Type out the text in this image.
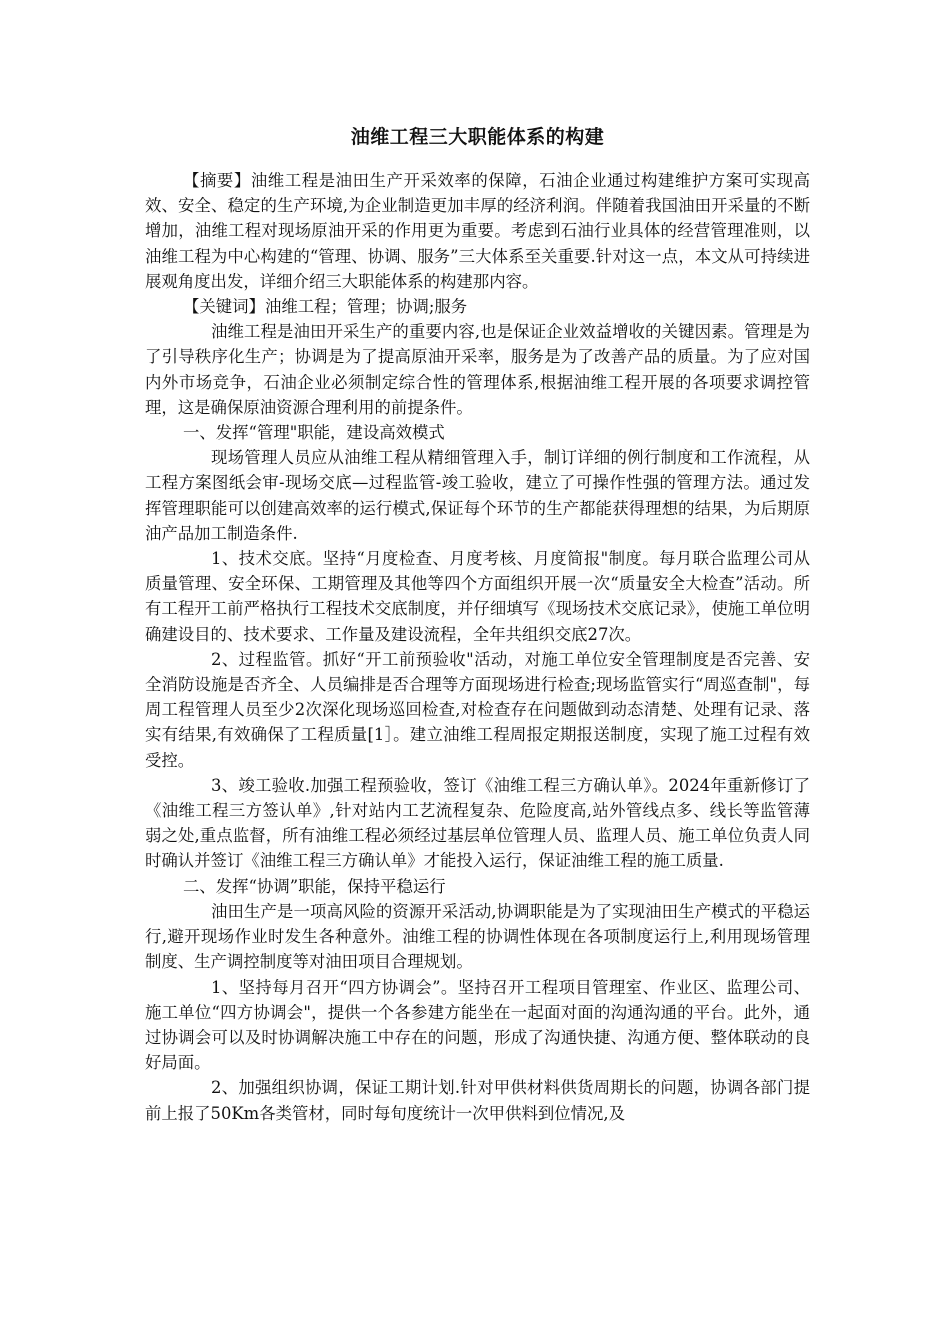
油维工程三大职能体系的构建

【摘要】油维工程是油田生产开采效率的保障，石油企业通过构建维护方案可实现高效、安全、稳定的生产环境,为企业制造更加丰厚的经济利润。伴随着我国油田开采量的不断增加，油维工程对现场原油开采的作用更为重要。考虑到石油行业具体的经营管理准则，以油维工程为中心构建的“管理、协调、服务”三大体系至关重要.针对这一点，本文从可持续进展观角度出发，详细介绍三大职能体系的构建那内容。

【关键词】油维工程；管理；协调;服务

油维工程是油田开采生产的重要内容,也是保证企业效益增收的关键因素。管理是为了引导秩序化生产；协调是为了提高原油开采率，服务是为了改善产品的质量。为了应对国内外市场竞争，石油企业必须制定综合性的管理体系,根据油维工程开展的各项要求调控管理，这是确保原油资源合理利用的前提条件。

一、发挥“管理"职能，建设高效模式

现场管理人员应从油维工程从精细管理入手，制订详细的例行制度和工作流程，从工程方案图纸会审-现场交底—过程监管-竣工验收，建立了可操作性强的管理方法。通过发挥管理职能可以创建高效率的运行模式,保证每个环节的生产都能获得理想的结果，为后期原油产品加工制造条件.

1、技术交底。坚持“月度检查、月度考核、月度简报"制度。每月联合监理公司从质量管理、安全环保、工期管理及其他等四个方面组织开展一次“质量安全大检查”活动。所有工程开工前严格执行工程技术交底制度，并仔细填写《现场技术交底记录》，使施工单位明确建设目的、技术要求、工作量及建设流程，全年共组织交底27次。

2、过程监管。抓好“开工前预验收"活动，对施工单位安全管理制度是否完善、安全消防设施是否齐全、人员编排是否合理等方面现场进行检查;现场监管实行“周巡查制"，每周工程管理人员至少2次深化现场巡回检查,对检查存在问题做到动态清楚、处理有记录、落实有结果,有效确保了工程质量[1］。建立油维工程周报定期报送制度，实现了施工过程有效受控。

3、竣工验收.加强工程预验收，签订《油维工程三方确认单》。2024年重新修订了《油维工程三方签认单》,针对站内工艺流程复杂、危险度高,站外管线点多、线长等监管薄弱之处,重点监督，所有油维工程必须经过基层单位管理人员、监理人员、施工单位负责人同时确认并签订《油维工程三方确认单》才能投入运行，保证油维工程的施工质量.

二、发挥“协调”职能，保持平稳运行

油田生产是一项高风险的资源开采活动,协调职能是为了实现油田生产模式的平稳运行,避开现场作业时发生各种意外。油维工程的协调性体现在各项制度运行上,利用现场管理制度、生产调控制度等对油田项目合理规划。

1、坚持每月召开“四方协调会”。坚持召开工程项目管理室、作业区、监理公司、施工单位“四方协调会"，提供一个各参建方能坐在一起面对面的沟通沟通的平台。此外，通过协调会可以及时协调解决施工中存在的问题，形成了沟通快捷、沟通方便、整体联动的良好局面。

2、加强组织协调，保证工期计划.针对甲供材料供货周期长的问题，协调各部门提前上报了50Km各类管材，同时每旬度统计一次甲供料到位情况,及
